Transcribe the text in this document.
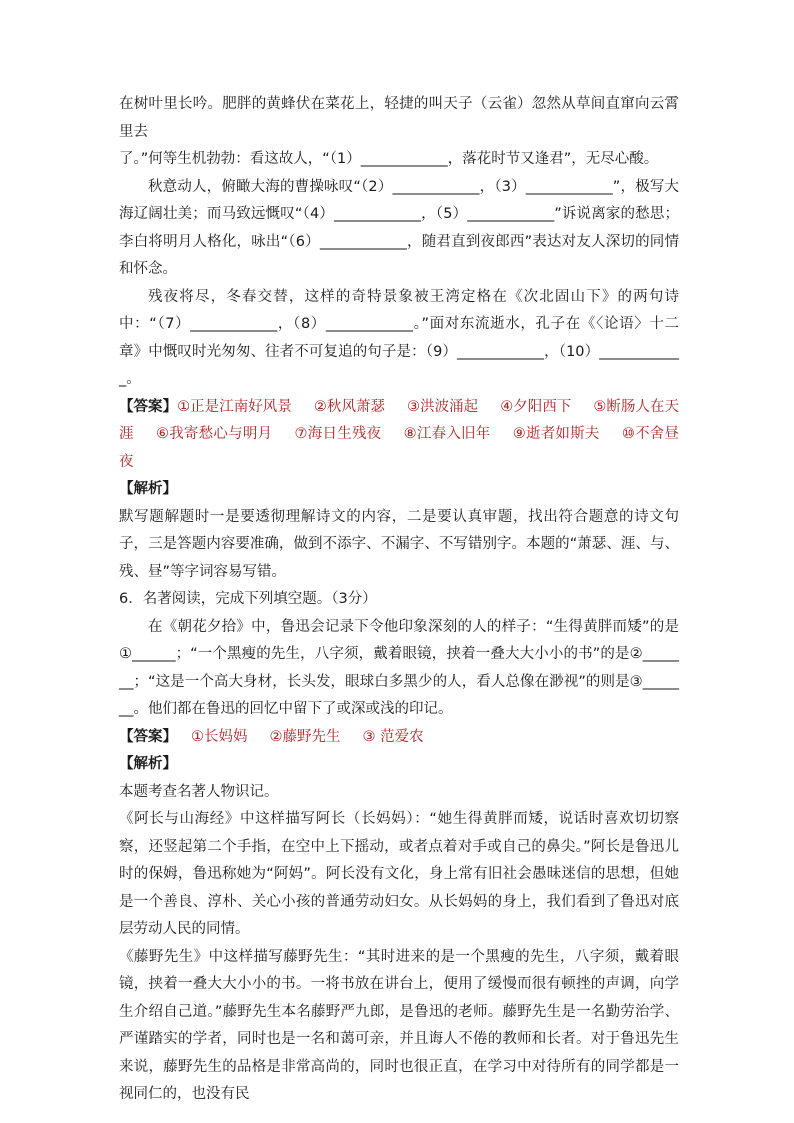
在树叶里长吟。肥胖的黄蜂伏在菜花上，轻捷的叫天子（云雀）忽然从草间直窜向云霄里去

了。”何等生机勃勃：看这故人，“（1）____________，落花时节又逢君”，无尽心酸。

秋意动人，俯瞰大海的曹操咏叹“（2）____________，（3）____________”，极写大海辽阔壮美；而马致远慨叹“（4）____________，（5）____________”诉说离家的愁思；李白将明月人格化，咏出“（6）____________，随君直到夜郎西”表达对友人深切的同情和怀念。

残夜将尽，冬春交替，这样的奇特景象被王湾定格在《次北固山下》的两句诗中：“（7）____________，（8）____________。”面对东流逝水，孔子在《〈论语〉十二章》中慨叹时光匆匆、往者不可复追的句子是：（9）____________，（10）____________。

【答案】①正是江南好风景 ②秋风萧瑟 ③洪波涌起 ④夕阳西下 ⑤断肠人在天涯 ⑥我寄愁心与明月 ⑦海日生残夜 ⑧江春入旧年 ⑨逝者如斯夫 ⑩不舍昼夜

【解析】

默写题解题时一是要透彻理解诗文的内容，二是要认真审题，找出符合题意的诗文句子，三是答题内容要准确，做到不添字、不漏字、不写错别字。本题的“萧瑟、涯、与、残、昼”等字词容易写错。

6．名著阅读，完成下列填空题。（3分）

在《朝花夕拾》中，鲁迅会记录下令他印象深刻的人的样子：“生得黄胖而矮”的是①______；“一个黑瘦的先生，八字须，戴着眼镜，挟着一叠大大小小的书”的是②_______；“这是一个高大身材，长头发，眼球白多黑少的人，看人总像在渺视”的则是③_______。他们都在鲁迅的回忆中留下了或深或浅的印记。

【答案】 ①长妈妈 ②藤野先生 ③ 范爱农

【解析】

本题考查名著人物识记。

《阿长与山海经》中这样描写阿长（长妈妈）：“她生得黄胖而矮，说话时喜欢切切察察，还竖起第二个手指，在空中上下摇动，或者点着对手或自己的鼻尖。”阿长是鲁迅儿时的保姆，鲁迅称她为“阿妈”。阿长没有文化，身上常有旧社会愚昧迷信的思想，但她是一个善良、淳朴、关心小孩的普通劳动妇女。从长妈妈的身上，我们看到了鲁迅对底层劳动人民的同情。

《藤野先生》中这样描写藤野先生：“其时进来的是一个黑瘦的先生，八字须，戴着眼镜，挟着一叠大大小小的书。一将书放在讲台上，便用了缓慢而很有顿挫的声调，向学生介绍自己道。”藤野先生本名藤野严九郎，是鲁迅的老师。藤野先生是一名勤劳治学、严谨踏实的学者，同时也是一名和蔼可亲，并且诲人不倦的教师和长者。对于鲁迅先生来说，藤野先生的品格是非常高尚的，同时也很正直，在学习中对待所有的同学都是一视同仁的，也没有民
